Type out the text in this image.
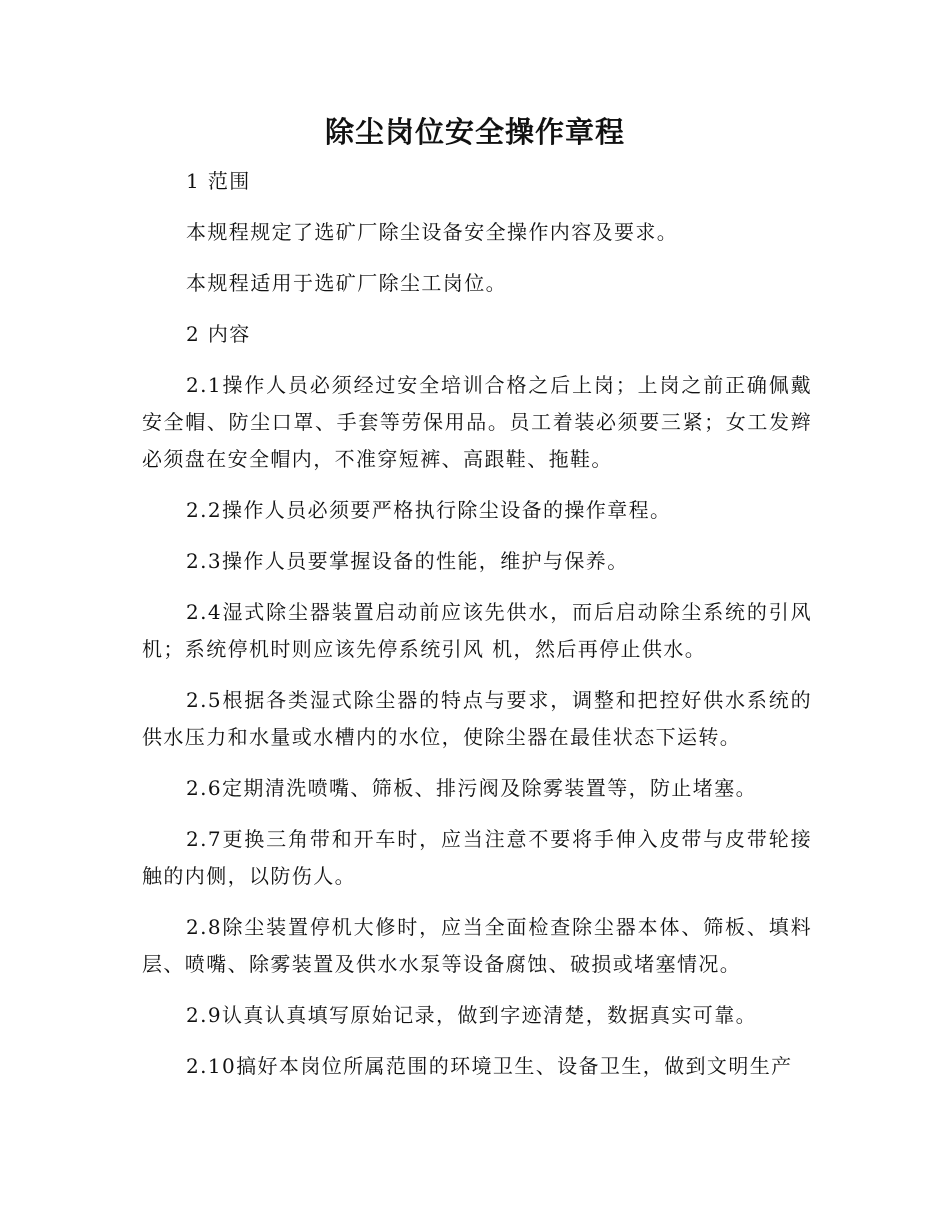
除尘岗位安全操作章程

1 范围

本规程规定了选矿厂除尘设备安全操作内容及要求。

本规程适用于选矿厂除尘工岗位。

2 内容

2.1操作人员必须经过安全培训合格之后上岗；上岗之前正确佩戴安全帽、防尘口罩、手套等劳保用品。员工着装必须要三紧；女工发辫必须盘在安全帽内，不准穿短裤、高跟鞋、拖鞋。

2.2操作人员必须要严格执行除尘设备的操作章程。

2.3操作人员要掌握设备的性能，维护与保养。

2.4湿式除尘器装置启动前应该先供水，而后启动除尘系统的引风机；系统停机时则应该先停系统引风 机，然后再停止供水。

2.5根据各类湿式除尘器的特点与要求，调整和把控好供水系统的供水压力和水量或水槽内的水位，使除尘器在最佳状态下运转。

2.6定期清洗喷嘴、筛板、排污阀及除雾装置等，防止堵塞。

2.7更换三角带和开车时，应当注意不要将手伸入皮带与皮带轮接触的内侧，以防伤人。

2.8除尘装置停机大修时，应当全面检查除尘器本体、筛板、填料层、喷嘴、除雾装置及供水水泵等设备腐蚀、破损或堵塞情况。

2.9认真认真填写原始记录，做到字迹清楚，数据真实可靠。

2.10搞好本岗位所属范围的环境卫生、设备卫生，做到文明生产
